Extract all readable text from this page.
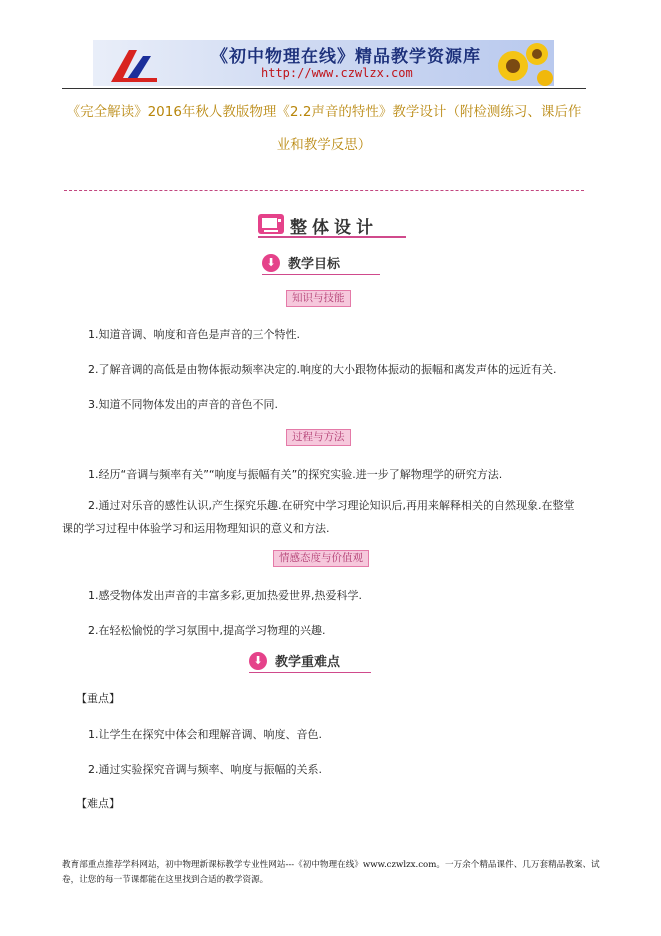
《初中物理在线》精品教学资源库
http://www.czwlzx.com
《完全解读》2016年秋人教版物理《2.2声音的特性》教学设计（附检测练习、课后作业和教学反思）
整体设计
⬇ 教学目标
知识与技能
1.知道音调、响度和音色是声音的三个特性.
2.了解音调的高低是由物体振动频率决定的.响度的大小跟物体振动的振幅和离发声体的远近有关.
3.知道不同物体发出的声音的音色不同.
过程与方法
1.经历“音调与频率有关”“响度与振幅有关”的探究实验.进一步了解物理学的研究方法.
2.通过对乐音的感性认识,产生探究乐趣.在研究中学习理论知识后,再用来解释相关的自然现象.在整堂课的学习过程中体验学习和运用物理知识的意义和方法.
情感态度与价值观
1.感受物体发出声音的丰富多彩,更加热爱世界,热爱科学.
2.在轻松愉悦的学习氛围中,提高学习物理的兴趣.
⬇ 教学重难点
【重点】
1.让学生在探究中体会和理解音调、响度、音色.
2.通过实验探究音调与频率、响度与振幅的关系.
【难点】
教育部重点推荐学科网站，初中物理新课标教学专业性网站---《初中物理在线》www.czwlzx.com。一万余个精品课件、几万套精品教案、试卷，让您的每一节课都能在这里找到合适的教学资源。
